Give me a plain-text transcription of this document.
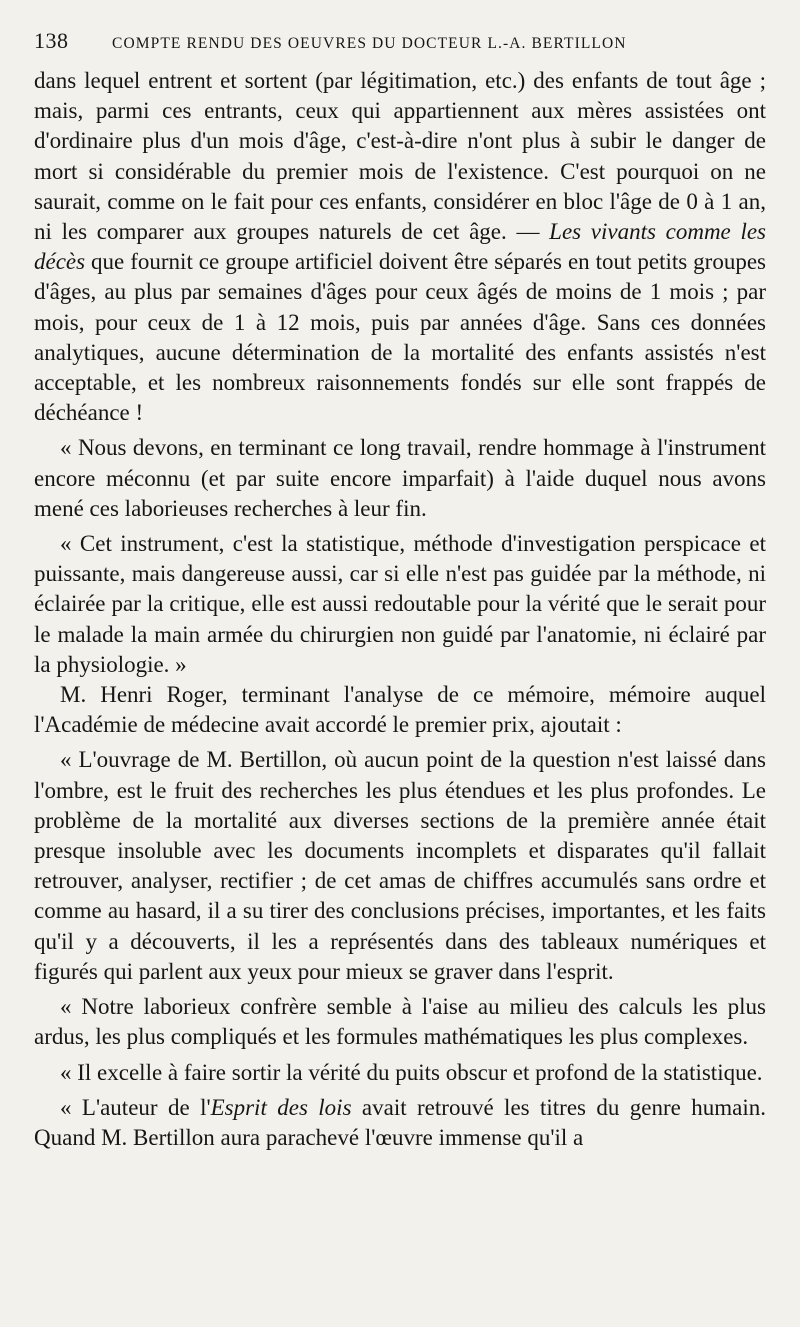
138	COMPTE RENDU DES OEUVRES DU DOCTEUR L.-A. BERTILLON

dans lequel entrent et sortent (par légitimation, etc.) des enfants de tout âge ; mais, parmi ces entrants, ceux qui appartiennent aux mères assistées ont d'ordinaire plus d'un mois d'âge, c'est-à-dire n'ont plus à subir le danger de mort si considérable du premier mois de l'existence. C'est pourquoi on ne saurait, comme on le fait pour ces enfants, considérer en bloc l'âge de 0 à 1 an, ni les comparer aux groupes naturels de cet âge. — Les vivants comme les décès que fournit ce groupe artificiel doivent être séparés en tout petits groupes d'âges, au plus par semaines d'âges pour ceux âgés de moins de 1 mois ; par mois, pour ceux de 1 à 12 mois, puis par années d'âge. Sans ces données analytiques, aucune détermination de la mortalité des enfants assistés n'est acceptable, et les nombreux raisonnements fondés sur elle sont frappés de déchéance !

« Nous devons, en terminant ce long travail, rendre hommage à l'instrument encore méconnu (et par suite encore imparfait) à l'aide duquel nous avons mené ces laborieuses recherches à leur fin.

« Cet instrument, c'est la statistique, méthode d'investigation perspicace et puissante, mais dangereuse aussi, car si elle n'est pas guidée par la méthode, ni éclairée par la critique, elle est aussi redoutable pour la vérité que le serait pour le malade la main armée du chirurgien non guidé par l'anatomie, ni éclairé par la physiologie. »

M. Henri Roger, terminant l'analyse de ce mémoire, mémoire auquel l'Académie de médecine avait accordé le premier prix, ajoutait :

« L'ouvrage de M. Bertillon, où aucun point de la question n'est laissé dans l'ombre, est le fruit des recherches les plus étendues et les plus profondes. Le problème de la mortalité aux diverses sections de la première année était presque insoluble avec les documents incomplets et disparates qu'il fallait retrouver, analyser, rectifier ; de cet amas de chiffres accumulés sans ordre et comme au hasard, il a su tirer des conclusions précises, importantes, et les faits qu'il y a découverts, il les a représentés dans des tableaux numériques et figurés qui parlent aux yeux pour mieux se graver dans l'esprit.

« Notre laborieux confrère semble à l'aise au milieu des calculs les plus ardus, les plus compliqués et les formules mathématiques les plus complexes.

« Il excelle à faire sortir la vérité du puits obscur et profond de la statistique.

« L'auteur de l'Esprit des lois avait retrouvé les titres du genre humain. Quand M. Bertillon aura parachevé l'œuvre immense qu'il a
